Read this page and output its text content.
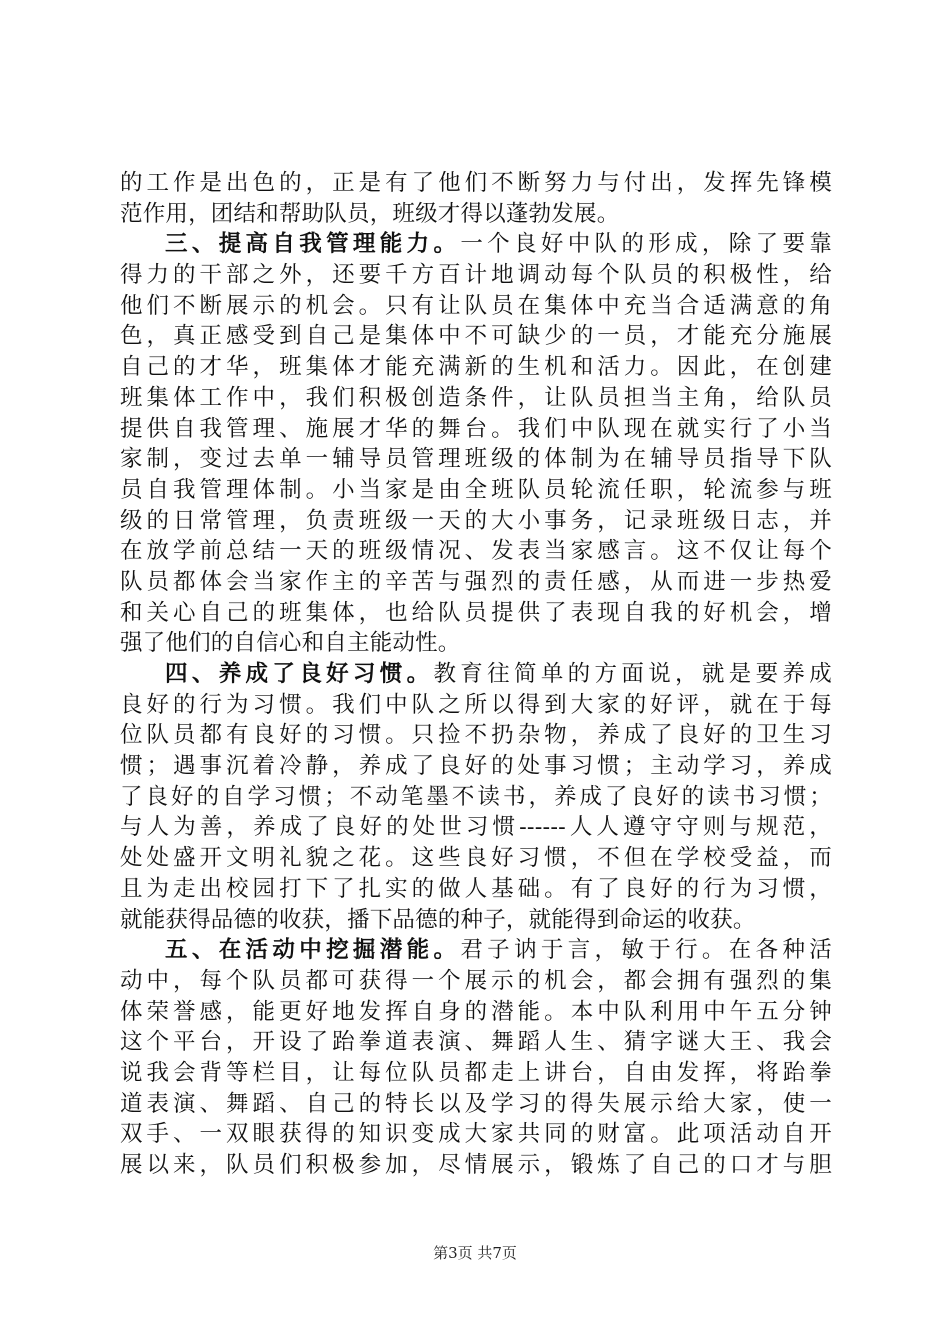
的工作是出色的，正是有了他们不断努力与付出，发挥先锋模
范作用，团结和帮助队员，班级才得以蓬勃发展。
三、提高自我管理能力。一个良好中队的形成，除了要靠
得力的干部之外，还要千方百计地调动每个队员的积极性，给
他们不断展示的机会。只有让队员在集体中充当合适满意的角
色，真正感受到自己是集体中不可缺少的一员，才能充分施展
自己的才华，班集体才能充满新的生机和活力。因此，在创建
班集体工作中，我们积极创造条件，让队员担当主角，给队员
提供自我管理、施展才华的舞台。我们中队现在就实行了小当
家制，变过去单一辅导员管理班级的体制为在辅导员指导下队
员自我管理体制。小当家是由全班队员轮流任职，轮流参与班
级的日常管理，负责班级一天的大小事务，记录班级日志，并
在放学前总结一天的班级情况、发表当家感言。这不仅让每个
队员都体会当家作主的辛苦与强烈的责任感，从而进一步热爱
和关心自己的班集体，也给队员提供了表现自我的好机会，增
强了他们的自信心和自主能动性。
四、养成了良好习惯。教育往简单的方面说，就是要养成
良好的行为习惯。我们中队之所以得到大家的好评，就在于每
位队员都有良好的习惯。只捡不扔杂物，养成了良好的卫生习
惯；遇事沉着冷静，养成了良好的处事习惯；主动学习，养成
了良好的自学习惯；不动笔墨不读书，养成了良好的读书习惯；
与人为善，养成了良好的处世习惯------人人遵守守则与规范，
处处盛开文明礼貌之花。这些良好习惯，不但在学校受益，而
且为走出校园打下了扎实的做人基础。有了良好的行为习惯，
就能获得品德的收获，播下品德的种子，就能得到命运的收获。
五、在活动中挖掘潜能。君子讷于言，敏于行。在各种活
动中，每个队员都可获得一个展示的机会，都会拥有强烈的集
体荣誉感，能更好地发挥自身的潜能。本中队利用中午五分钟
这个平台，开设了跆拳道表演、舞蹈人生、猜字谜大王、我会
说我会背等栏目，让每位队员都走上讲台，自由发挥，将跆拳
道表演、舞蹈、自己的特长以及学习的得失展示给大家，使一
双手、一双眼获得的知识变成大家共同的财富。此项活动自开
展以来，队员们积极参加，尽情展示，锻炼了自己的口才与胆
第3页 共7页
